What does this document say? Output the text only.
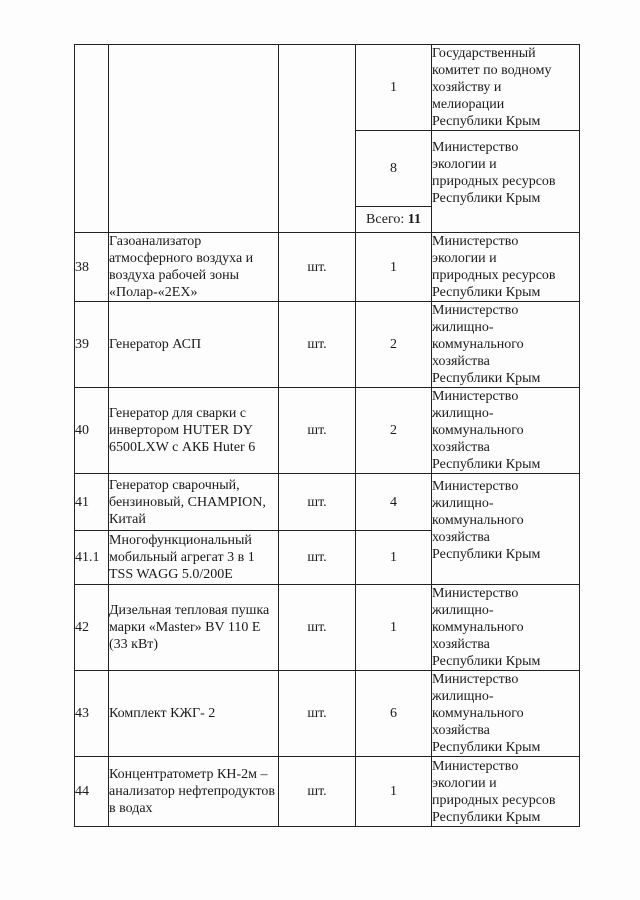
			1	Государственный
комитет по водному
хозяйству и
мелиорации
Республики Крым

			8	Министерство
экологии и
природных ресурсов
Республики Крым

			Всего: 11	
38	Газоанализатор атмосферного воздуха и воздуха рабочей зоны «Полар-«2ЕХ»	шт.	1	Министерство
экологии и
природных ресурсов
Республики Крым

39	Генератор АСП	шт.	2	Министерство
жилищно-
коммунального
хозяйства
Республики Крым

40	Генератор для сварки с инвертором HUTER DY 6500LXW с АКБ Huter 6	шт.	2	Министерство
жилищно-
коммунального
хозяйства
Республики Крым

41	Генератор сварочный, бензиновый, CHAMPION, Китай	шт.	4	Министерство
жилищно-
коммунального
хозяйства
Республики Крым

41.1	Многофункциональный мобильный агрегат 3 в 1 TSS WAGG 5.0/200E	шт.	1	
42	Дизельная тепловая пушка марки «Master» BV 110 E (33 кВт)	шт.	1	Министерство
жилищно-
коммунального
хозяйства
Республики Крым

43	Комплект КЖГ- 2	шт.	6	Министерство
жилищно-
коммунального
хозяйства
Республики Крым

44	Концентратометр КН-2м – анализатор нефтепродуктов в водах	шт.	1	Министерство
экологии и
природных ресурсов
Республики Крым
